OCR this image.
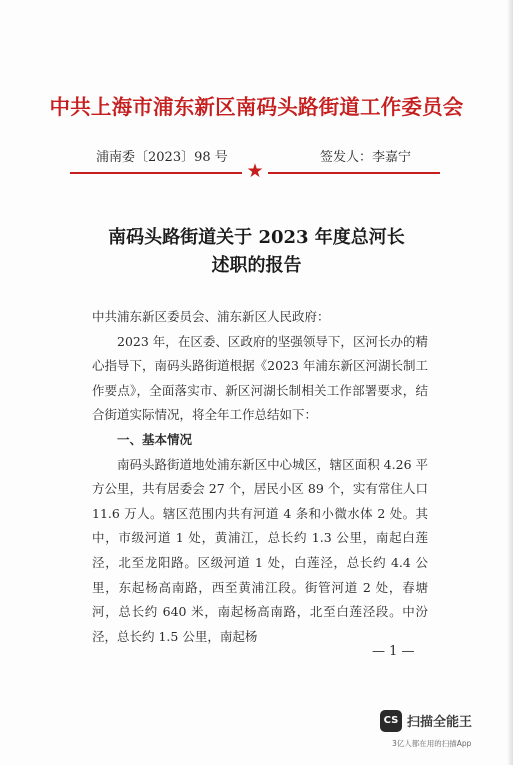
中共上海市浦东新区南码头路街道工作委员会
浦南委〔2023〕98 号	签发人：李嘉宁
★
南码头路街道关于 2023 年度总河长
述职的报告

中共浦东新区委员会、浦东新区人民政府：

2023 年，在区委、区政府的坚强领导下，区河长办的精心指导下，南码头路街道根据《2023 年浦东新区河湖长制工作要点》，全面落实市、新区河湖长制相关工作部署要求，结合街道实际情况，将全年工作总结如下：

一、基本情况

南码头路街道地处浦东新区中心城区，辖区面积 4.26 平方公里，共有居委会 27 个，居民小区 89 个，实有常住人口 11.6 万人。辖区范围内共有河道 4 条和小微水体 2 处。其中，市级河道 1 处，黄浦江，总长约 1.3 公里，南起白莲泾，北至龙阳路。区级河道 1 处，白莲泾，总长约 4.4 公里，东起杨高南路，西至黄浦江段。街管河道 2 处，春塘河，总长约 640 米，南起杨高南路，北至白莲泾段。中汾泾，总长约 1.5 公里，南起杨

— 1 —
CS 扫描全能王
3亿人都在用的扫描App
